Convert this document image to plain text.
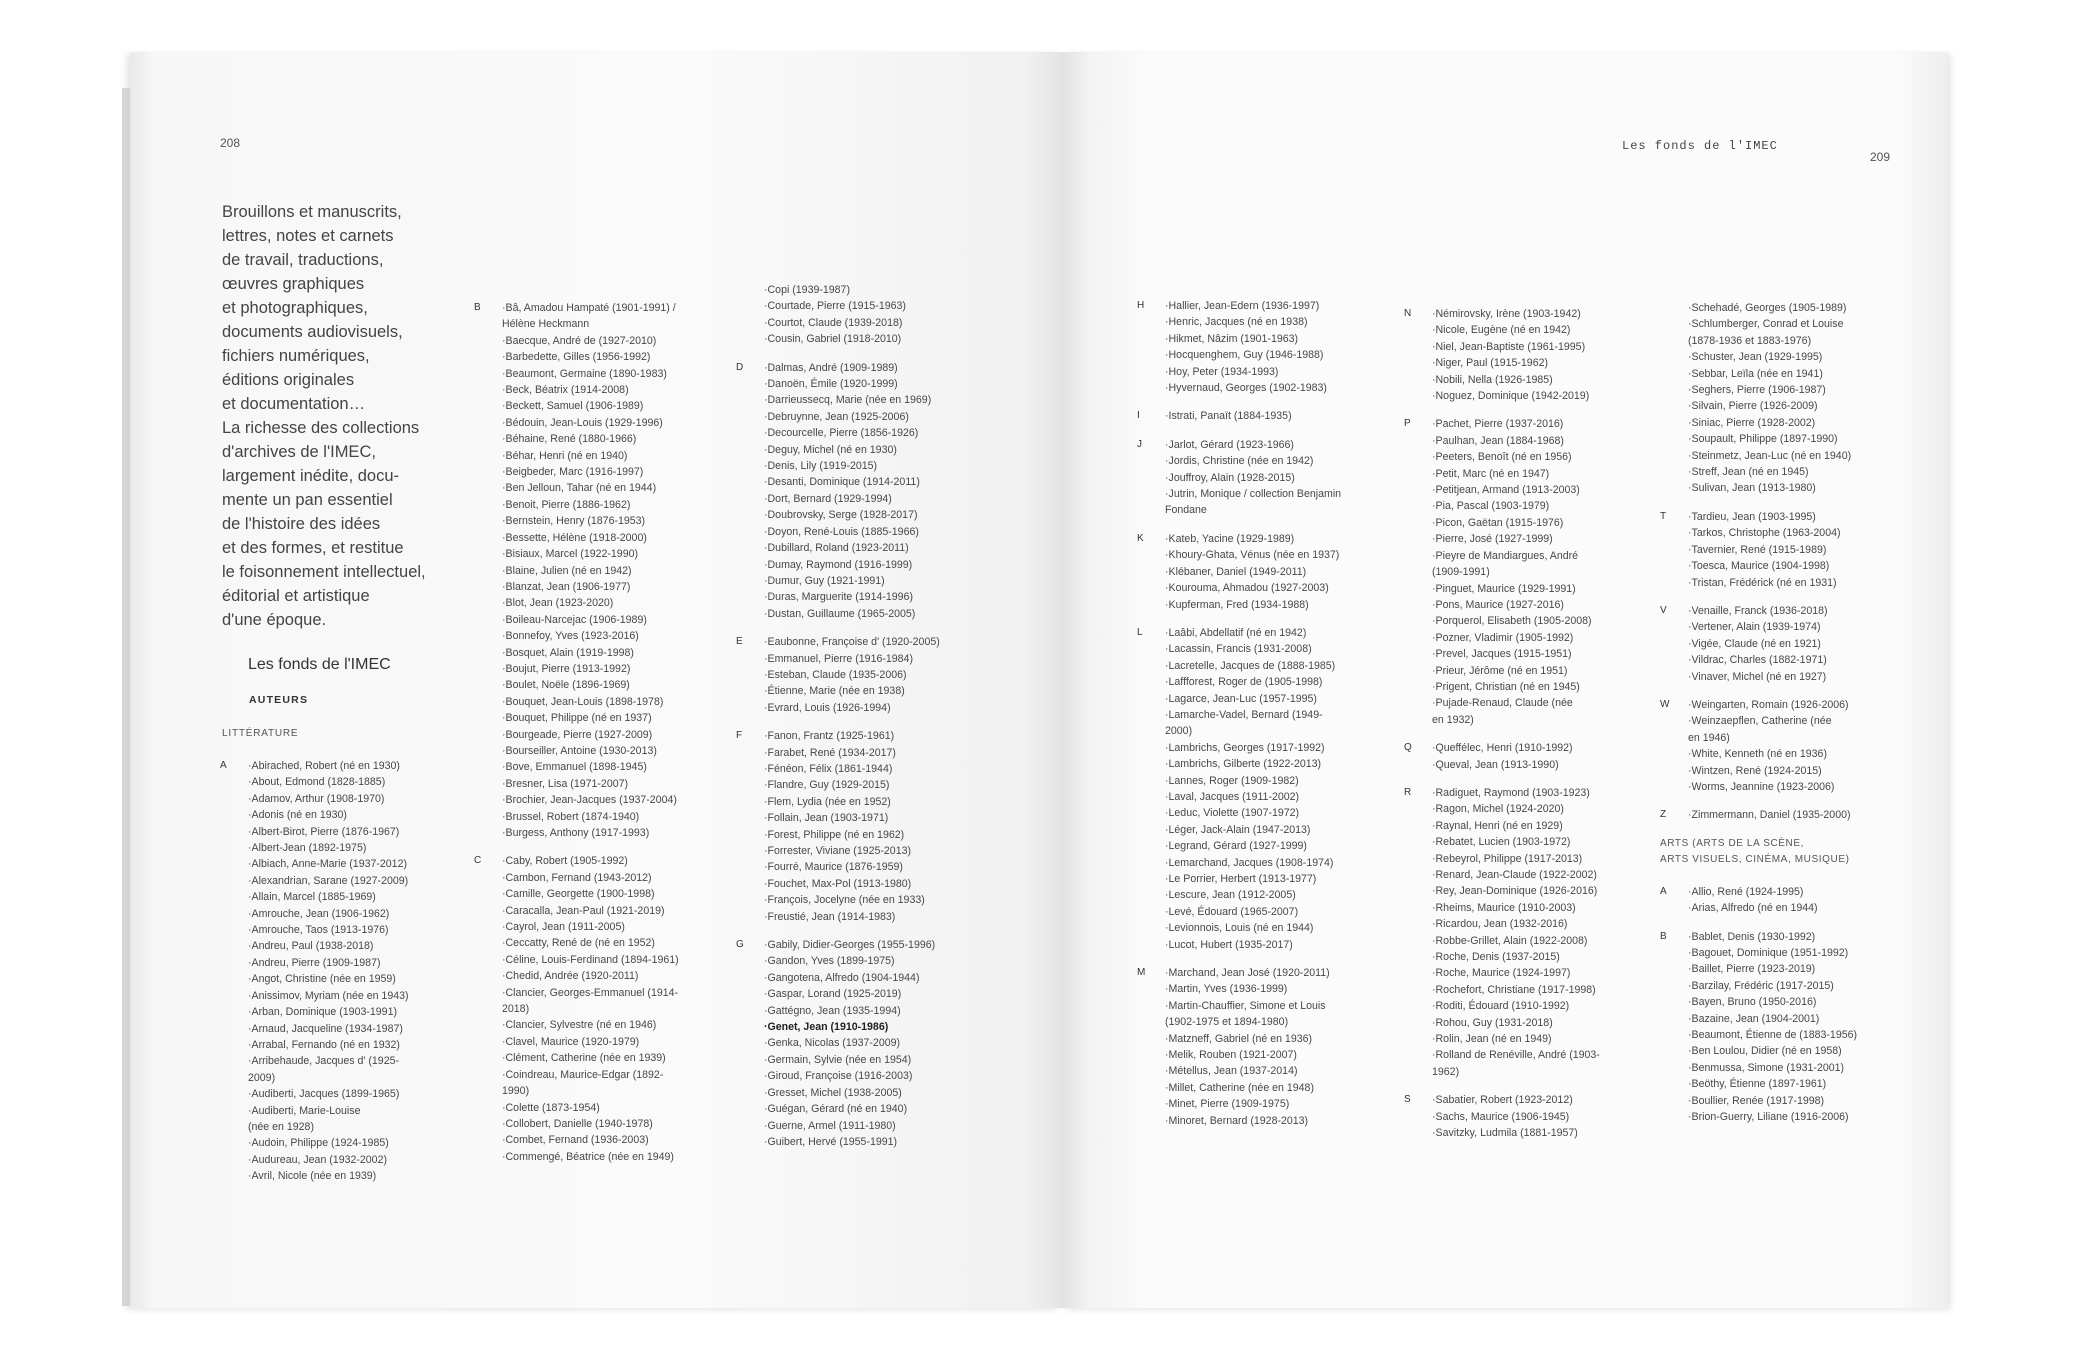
208
209
Les fonds de l'IMEC
Brouillons et manuscrits,
lettres, notes et carnets
de travail, traductions,
œuvres graphiques
et photographiques,
documents audiovisuels,
fichiers numériques,
éditions originales
et documentation…
La richesse des collections
d'archives de l'IMEC,
largement inédite, docu-
mente un pan essentiel
de l'histoire des idées
et des formes, et restitue
le foisonnement intellectuel,
éditorial et artistique
d'une époque.
Les fonds de l'IMEC
AUTEURS
LITTÉRATURE
A ·Abirached, Robert (né en 1930)
·About, Edmond (1828-1885)
·Adamov, Arthur (1908-1970)
·Adonis (né en 1930)
·Albert-Birot, Pierre (1876-1967)
·Albert-Jean (1892-1975)
·Albiach, Anne-Marie (1937-2012)
·Alexandrian, Sarane (1927-2009)
·Allain, Marcel (1885-1969)
·Amrouche, Jean (1906-1962)
·Amrouche, Taos (1913-1976)
·Andreu, Paul (1938-2018)
·Andreu, Pierre (1909-1987)
·Angot, Christine (née en 1959)
·Anissimov, Myriam (née en 1943)
·Arban, Dominique (1903-1991)
·Arnaud, Jacqueline (1934-1987)
·Arrabal, Fernando (né en 1932)
·Arribehaude, Jacques d' (1925-
2009)
·Audiberti, Jacques (1899-1965)
·Audiberti, Marie-Louise
(née en 1928)
·Audoin, Philippe (1924-1985)
·Audureau, Jean (1932-2002)
·Avril, Nicole (née en 1939)
B ·Bâ, Amadou Hampaté (1901-1991) /
Hélène Heckmann
·Baecque, André de (1927-2010)
·Barbedette, Gilles (1956-1992)
·Beaumont, Germaine (1890-1983)
·Beck, Béatrix (1914-2008)
·Beckett, Samuel (1906-1989)
·Bédouin, Jean-Louis (1929-1996)
·Béhaine, René (1880-1966)
·Béhar, Henri (né en 1940)
·Beigbeder, Marc (1916-1997)
·Ben Jelloun, Tahar (né en 1944)
·Benoit, Pierre (1886-1962)
·Bernstein, Henry (1876-1953)
·Bessette, Hélène (1918-2000)
·Bisiaux, Marcel (1922-1990)
·Blaine, Julien (né en 1942)
·Blanzat, Jean (1906-1977)
·Blot, Jean (1923-2020)
·Boileau-Narcejac (1906-1989)
·Bonnefoy, Yves (1923-2016)
·Bosquet, Alain (1919-1998)
·Boujut, Pierre (1913-1992)
·Boulet, Noële (1896-1969)
·Bouquet, Jean-Louis (1898-1978)
·Bouquet, Philippe (né en 1937)
·Bourgeade, Pierre (1927-2009)
·Bourseiller, Antoine (1930-2013)
·Bove, Emmanuel (1898-1945)
·Bresner, Lisa (1971-2007)
·Brochier, Jean-Jacques (1937-2004)
·Brussel, Robert (1874-1940)
·Burgess, Anthony (1917-1993)
C ·Caby, Robert (1905-1992)
·Cambon, Fernand (1943-2012)
·Camille, Georgette (1900-1998)
·Caracalla, Jean-Paul (1921-2019)
·Cayrol, Jean (1911-2005)
·Ceccatty, René de (né en 1952)
·Céline, Louis-Ferdinand (1894-1961)
·Chedid, Andrée (1920-2011)
·Clancier, Georges-Emmanuel (1914-
2018)
·Clancier, Sylvestre (né en 1946)
·Clavel, Maurice (1920-1979)
·Clément, Catherine (née en 1939)
·Coindreau, Maurice-Edgar (1892-
1990)
·Colette (1873-1954)
·Collobert, Danielle (1940-1978)
·Combet, Fernand (1936-2003)
·Commengé, Béatrice (née en 1949)
·Copi (1939-1987)
·Courtade, Pierre (1915-1963)
·Courtot, Claude (1939-2018)
·Cousin, Gabriel (1918-2010)
D ·Dalmas, André (1909-1989)
·Danoën, Émile (1920-1999)
·Darrieussecq, Marie (née en 1969)
·Debruynne, Jean (1925-2006)
·Decourcelle, Pierre (1856-1926)
·Deguy, Michel (né en 1930)
·Denis, Lily (1919-2015)
·Desanti, Dominique (1914-2011)
·Dort, Bernard (1929-1994)
·Doubrovsky, Serge (1928-2017)
·Doyon, René-Louis (1885-1966)
·Dubillard, Roland (1923-2011)
·Dumay, Raymond (1916-1999)
·Dumur, Guy (1921-1991)
·Duras, Marguerite (1914-1996)
·Dustan, Guillaume (1965-2005)
E ·Eaubonne, Françoise d' (1920-2005)
·Emmanuel, Pierre (1916-1984)
·Esteban, Claude (1935-2006)
·Étienne, Marie (née en 1938)
·Evrard, Louis (1926-1994)
F ·Fanon, Frantz (1925-1961)
·Farabet, René (1934-2017)
·Fénéon, Félix (1861-1944)
·Flandre, Guy (1929-2015)
·Flem, Lydia (née en 1952)
·Follain, Jean (1903-1971)
·Forest, Philippe (né en 1962)
·Forrester, Viviane (1925-2013)
·Fourré, Maurice (1876-1959)
·Fouchet, Max-Pol (1913-1980)
·François, Jocelyne (née en 1933)
·Freustié, Jean (1914-1983)
G ·Gabily, Didier-Georges (1955-1996)
·Gandon, Yves (1899-1975)
·Gangotena, Alfredo (1904-1944)
·Gaspar, Lorand (1925-2019)
·Gattégno, Jean (1935-1994)
·Genet, Jean (1910-1986)
·Genka, Nicolas (1937-2009)
·Germain, Sylvie (née en 1954)
·Giroud, Françoise (1916-2003)
·Gresset, Michel (1938-2005)
·Guégan, Gérard (né en 1940)
·Guerne, Armel (1911-1980)
·Guibert, Hervé (1955-1991)
H ·Hallier, Jean-Edern (1936-1997)
·Henric, Jacques (né en 1938)
·Hikmet, Nâzim (1901-1963)
·Hocquenghem, Guy (1946-1988)
·Hoy, Peter (1934-1993)
·Hyvernaud, Georges (1902-1983)
I ·Istrati, Panaït (1884-1935)
J ·Jarlot, Gérard (1923-1966)
·Jordis, Christine (née en 1942)
·Jouffroy, Alain (1928-2015)
·Jutrin, Monique / collection Benjamin
Fondane
K ·Kateb, Yacine (1929-1989)
·Khoury-Ghata, Vénus (née en 1937)
·Klébaner, Daniel (1949-2011)
·Kourouma, Ahmadou (1927-2003)
·Kupferman, Fred (1934-1988)
L ·Laâbi, Abdellatif (né en 1942)
·Lacassin, Francis (1931-2008)
·Lacretelle, Jacques de (1888-1985)
·Laffforest, Roger de (1905-1998)
·Lagarce, Jean-Luc (1957-1995)
·Lamarche-Vadel, Bernard (1949-
2000)
·Lambrichs, Georges (1917-1992)
·Lambrichs, Gilberte (1922-2013)
·Lannes, Roger (1909-1982)
·Laval, Jacques (1911-2002)
·Leduc, Violette (1907-1972)
·Léger, Jack-Alain (1947-2013)
·Legrand, Gérard (1927-1999)
·Lemarchand, Jacques (1908-1974)
·Le Porrier, Herbert (1913-1977)
·Lescure, Jean (1912-2005)
·Levé, Édouard (1965-2007)
·Levionnois, Louis (né en 1944)
·Lucot, Hubert (1935-2017)
M ·Marchand, Jean José (1920-2011)
·Martin, Yves (1936-1999)
·Martin-Chauffier, Simone et Louis
(1902-1975 et 1894-1980)
·Matzneff, Gabriel (né en 1936)
·Melik, Rouben (1921-2007)
·Métellus, Jean (1937-2014)
·Millet, Catherine (née en 1948)
·Minet, Pierre (1909-1975)
·Minoret, Bernard (1928-2013)
N ·Némirovsky, Irène (1903-1942)
·Nicole, Eugène (né en 1942)
·Niel, Jean-Baptiste (1961-1995)
·Niger, Paul (1915-1962)
·Nobili, Nella (1926-1985)
·Noguez, Dominique (1942-2019)
P ·Pachet, Pierre (1937-2016)
·Paulhan, Jean (1884-1968)
·Peeters, Benoît (né en 1956)
·Petit, Marc (né en 1947)
·Petitjean, Armand (1913-2003)
·Pia, Pascal (1903-1979)
·Picon, Gaëtan (1915-1976)
·Pierre, José (1927-1999)
·Pieyre de Mandiargues, André
(1909-1991)
·Pinguet, Maurice (1929-1991)
·Pons, Maurice (1927-2016)
·Porquerol, Elisabeth (1905-2008)
·Pozner, Vladimir (1905-1992)
·Prevel, Jacques (1915-1951)
·Prieur, Jérôme (né en 1951)
·Prigent, Christian (né en 1945)
·Pujade-Renaud, Claude (née
en 1932)
Q ·Queffélec, Henri (1910-1992)
·Queval, Jean (1913-1990)
R ·Radiguet, Raymond (1903-1923)
·Ragon, Michel (1924-2020)
·Raynal, Henri (né en 1929)
·Rebatet, Lucien (1903-1972)
·Rebeyrol, Philippe (1917-2013)
·Renard, Jean-Claude (1922-2002)
·Rey, Jean-Dominique (1926-2016)
·Rheims, Maurice (1910-2003)
·Ricardou, Jean (1932-2016)
·Robbe-Grillet, Alain (1922-2008)
·Roche, Denis (1937-2015)
·Roche, Maurice (1924-1997)
·Rochefort, Christiane (1917-1998)
·Roditi, Édouard (1910-1992)
·Rohou, Guy (1931-2018)
·Rolin, Jean (né en 1949)
·Rolland de Renéville, André (1903-
1962)
S ·Sabatier, Robert (1923-2012)
·Sachs, Maurice (1906-1945)
·Savitzky, Ludmila (1881-1957)
·Schehadé, Georges (1905-1989)
·Schlumberger, Conrad et Louise
(1878-1936 et 1883-1976)
·Schuster, Jean (1929-1995)
·Sebbar, Leïla (née en 1941)
·Seghers, Pierre (1906-1987)
·Silvain, Pierre (1926-2009)
·Siniac, Pierre (1928-2002)
·Soupault, Philippe (1897-1990)
·Steinmetz, Jean-Luc (né en 1940)
·Streff, Jean (né en 1945)
·Sulivan, Jean (1913-1980)
T ·Tardieu, Jean (1903-1995)
·Tarkos, Christophe (1963-2004)
·Tavernier, René (1915-1989)
·Toesca, Maurice (1904-1998)
·Tristan, Frédérick (né en 1931)
V ·Venaille, Franck (1936-2018)
·Vertener, Alain (1939-1974)
·Vigée, Claude (né en 1921)
·Vildrac, Charles (1882-1971)
·Vinaver, Michel (né en 1927)
W ·Weingarten, Romain (1926-2006)
·Weinzaepflen, Catherine (née
en 1946)
·White, Kenneth (né en 1936)
·Wintzen, René (1924-2015)
·Worms, Jeannine (1923-2006)
Z ·Zimmermann, Daniel (1935-2000)
ARTS (ARTS DE LA SCÈNE,
ARTS VISUELS, CINÉMA, MUSIQUE)
A ·Allio, René (1924-1995)
·Arias, Alfredo (né en 1944)
B ·Bablet, Denis (1930-1992)
·Bagouet, Dominique (1951-1992)
·Baillet, Pierre (1923-2019)
·Barzilay, Frédéric (1917-2015)
·Bayen, Bruno (1950-2016)
·Bazaine, Jean (1904-2001)
·Beaumont, Étienne de (1883-1956)
·Ben Loulou, Didier (né en 1958)
·Benmussa, Simone (1931-2001)
·Beöthy, Étienne (1897-1961)
·Boullier, Renée (1917-1998)
·Brion-Guerry, Liliane (1916-2006)
